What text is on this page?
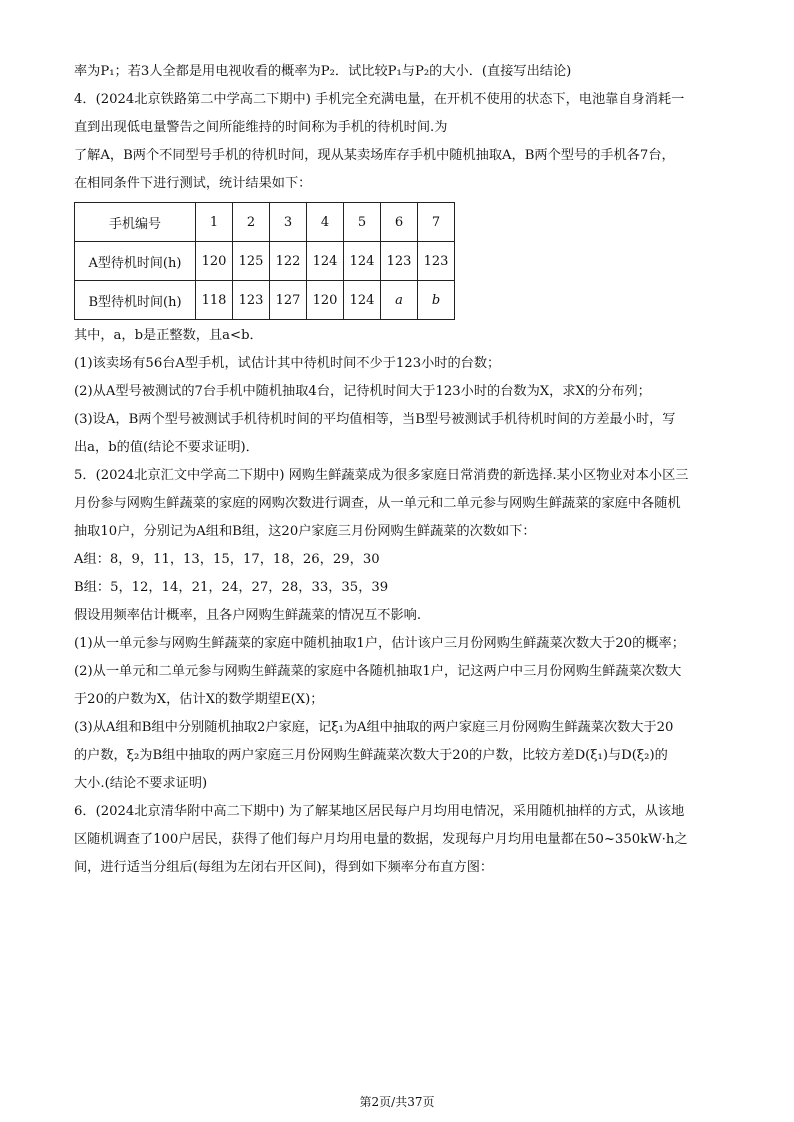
率为P₁；若3人全都是用电视收看的概率为P₂．试比较P₁与P₂的大小．(直接写出结论)

4．(2024北京铁路第二中学高二下期中) 手机完全充满电量，在开机不使用的状态下，电池靠自身消耗一

直到出现低电量警告之间所能维持的时间称为手机的待机时间.为

了解A，B两个不同型号手机的待机时间，现从某卖场库存手机中随机抽取A，B两个型号的手机各7台，

在相同条件下进行测试，统计结果如下：

手机编号	1	2	3	4	5	6	7
A型待机时间(h)	120	125	122	124	124	123	123
B型待机时间(h)	118	123	127	120	124	a	b

其中，a，b是正整数，且a<b．

(1)该卖场有56台A型手机，试估计其中待机时间不少于123小时的台数；

(2)从A型号被测试的7台手机中随机抽取4台，记待机时间大于123小时的台数为X，求X的分布列；

(3)设A，B两个型号被测试手机待机时间的平均值相等，当B型号被测试手机待机时间的方差最小时，写

出a，b的值(结论不要求证明)．

5．(2024北京汇文中学高二下期中) 网购生鲜蔬菜成为很多家庭日常消费的新选择.某小区物业对本小区三

月份参与网购生鲜蔬菜的家庭的网购次数进行调查，从一单元和二单元参与网购生鲜蔬菜的家庭中各随机

抽取10户，分别记为A组和B组，这20户家庭三月份网购生鲜蔬菜的次数如下：

A组：8，9，11，13，15，17，18，26，29，30

B组：5，12，14，21，24，27，28，33，35，39

假设用频率估计概率，且各户网购生鲜蔬菜的情况互不影响.

(1)从一单元参与网购生鲜蔬菜的家庭中随机抽取1户，估计该户三月份网购生鲜蔬菜次数大于20的概率；

(2)从一单元和二单元参与网购生鲜蔬菜的家庭中各随机抽取1户，记这两户中三月份网购生鲜蔬菜次数大

于20的户数为X，估计X的数学期望E(X)；

(3)从A组和B组中分别随机抽取2户家庭，记ξ₁为A组中抽取的两户家庭三月份网购生鲜蔬菜次数大于20

的户数，ξ₂为B组中抽取的两户家庭三月份网购生鲜蔬菜次数大于20的户数，比较方差D(ξ₁)与D(ξ₂)的

大小.(结论不要求证明)

6．(2024北京清华附中高二下期中) 为了解某地区居民每户月均用电情况，采用随机抽样的方式，从该地

区随机调查了100户居民，获得了他们每户月均用电量的数据，发现每户月均用电量都在50~350kW·h之

间，进行适当分组后(每组为左闭右开区间)，得到如下频率分布直方图：

第2页/共37页
